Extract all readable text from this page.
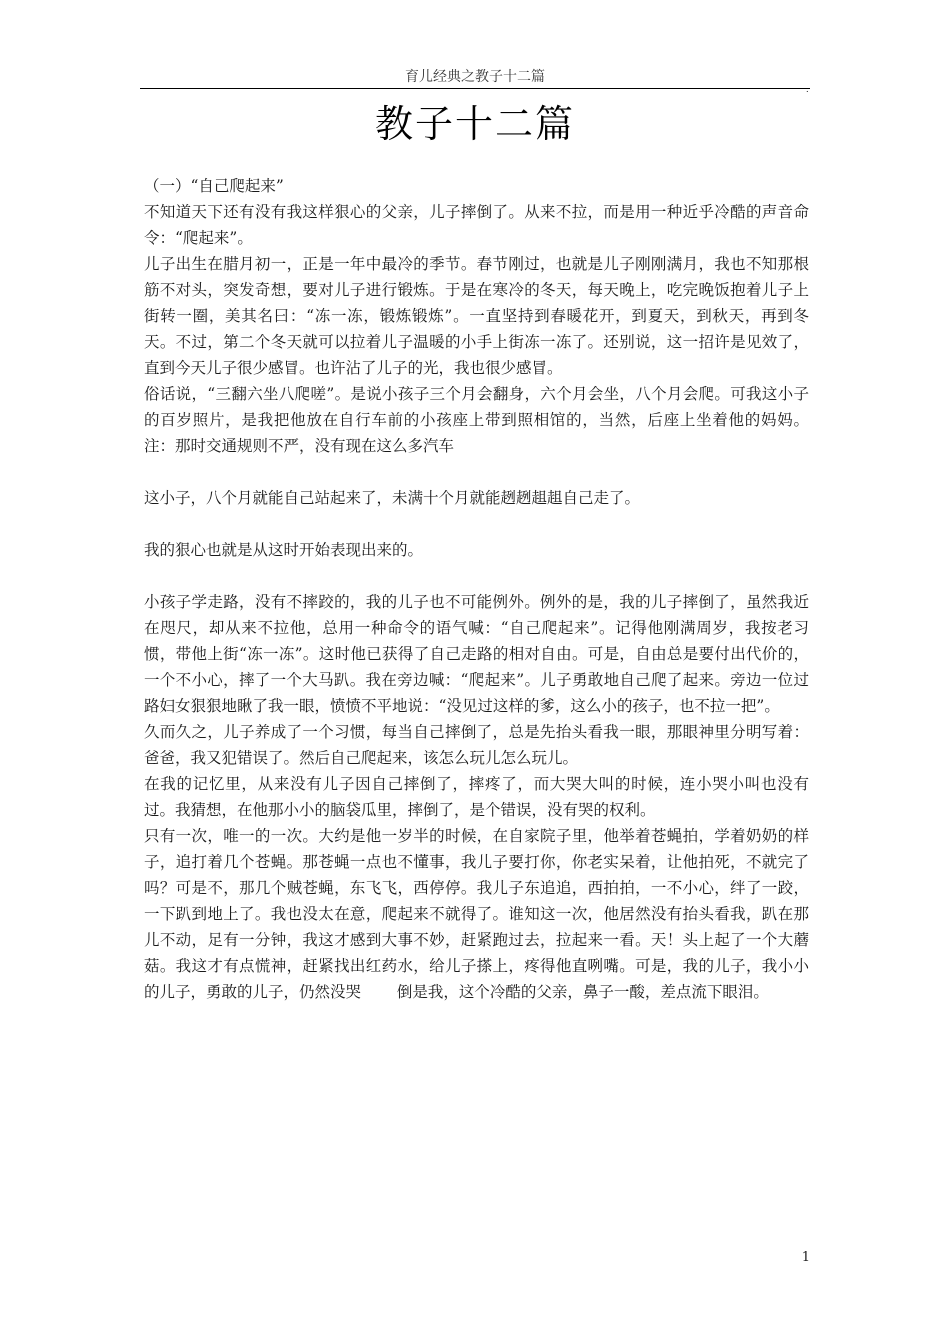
育儿经典之教子十二篇
.
教子十二篇

（一）“自己爬起来”

不知道天下还有没有我这样狠心的父亲，儿子摔倒了。从来不拉，而是用一种近乎冷酷的声音命令：“爬起来”。

儿子出生在腊月初一，正是一年中最冷的季节。春节刚过，也就是儿子刚刚满月，我也不知那根筋不对头，突发奇想，要对儿子进行锻炼。于是在寒冷的冬天，每天晚上，吃完晚饭抱着儿子上街转一圈，美其名曰：“冻一冻，锻炼锻炼”。一直坚持到春暖花开，到夏天，到秋天，再到冬天。不过，第二个冬天就可以拉着儿子温暖的小手上街冻一冻了。还别说，这一招许是见效了，直到今天儿子很少感冒。也许沾了儿子的光，我也很少感冒。

俗话说，“三翻六坐八爬嗟”。是说小孩子三个月会翻身，六个月会坐，八个月会爬。可我这小子的百岁照片，是我把他放在自行车前的小孩座上带到照相馆的，当然，后座上坐着他的妈妈。 注：那时交通规则不严，没有现在这么多汽车

这小子，八个月就能自己站起来了，未满十个月就能趔趔趄趄自己走了。

我的狠心也就是从这时开始表现出来的。

小孩子学走路，没有不摔跤的，我的儿子也不可能例外。例外的是，我的儿子摔倒了，虽然我近在咫尺，却从来不拉他，总用一种命令的语气喊：“自己爬起来”。记得他刚满周岁，我按老习惯，带他上街“冻一冻”。这时他已获得了自己走路的相对自由。可是，自由总是要付出代价的，一个不小心，摔了一个大马趴。我在旁边喊：“爬起来”。儿子勇敢地自己爬了起来。旁边一位过路妇女狠狠地瞅了我一眼，愤愤不平地说：“没见过这样的爹，这么小的孩子，也不拉一把”。

久而久之，儿子养成了一个习惯，每当自己摔倒了，总是先抬头看我一眼，那眼神里分明写着：爸爸，我又犯错误了。然后自己爬起来，该怎么玩儿怎么玩儿。

在我的记忆里，从来没有儿子因自己摔倒了，摔疼了，而大哭大叫的时候，连小哭小叫也没有过。我猜想，在他那小小的脑袋瓜里，摔倒了，是个错误，没有哭的权利。

只有一次，唯一的一次。大约是他一岁半的时候，在自家院子里，他举着苍蝇拍，学着奶奶的样子，追打着几个苍蝇。那苍蝇一点也不懂事，我儿子要打你，你老实呆着，让他拍死，不就完了吗？可是不，那几个贼苍蝇，东飞飞，西停停。我儿子东追追，西拍拍，一不小心，绊了一跤，一下趴到地上了。我也没太在意，爬起来不就得了。谁知这一次，他居然没有抬头看我，趴在那儿不动，足有一分钟，我这才感到大事不妙，赶紧跑过去，拉起来一看。天！头上起了一个大蘑菇。我这才有点慌神，赶紧找出红药水，给儿子搽上，疼得他直咧嘴。可是，我的儿子，我小小的儿子，勇敢的儿子，仍然没哭 　　倒是我，这个冷酷的父亲，鼻子一酸，差点流下眼泪。

1
